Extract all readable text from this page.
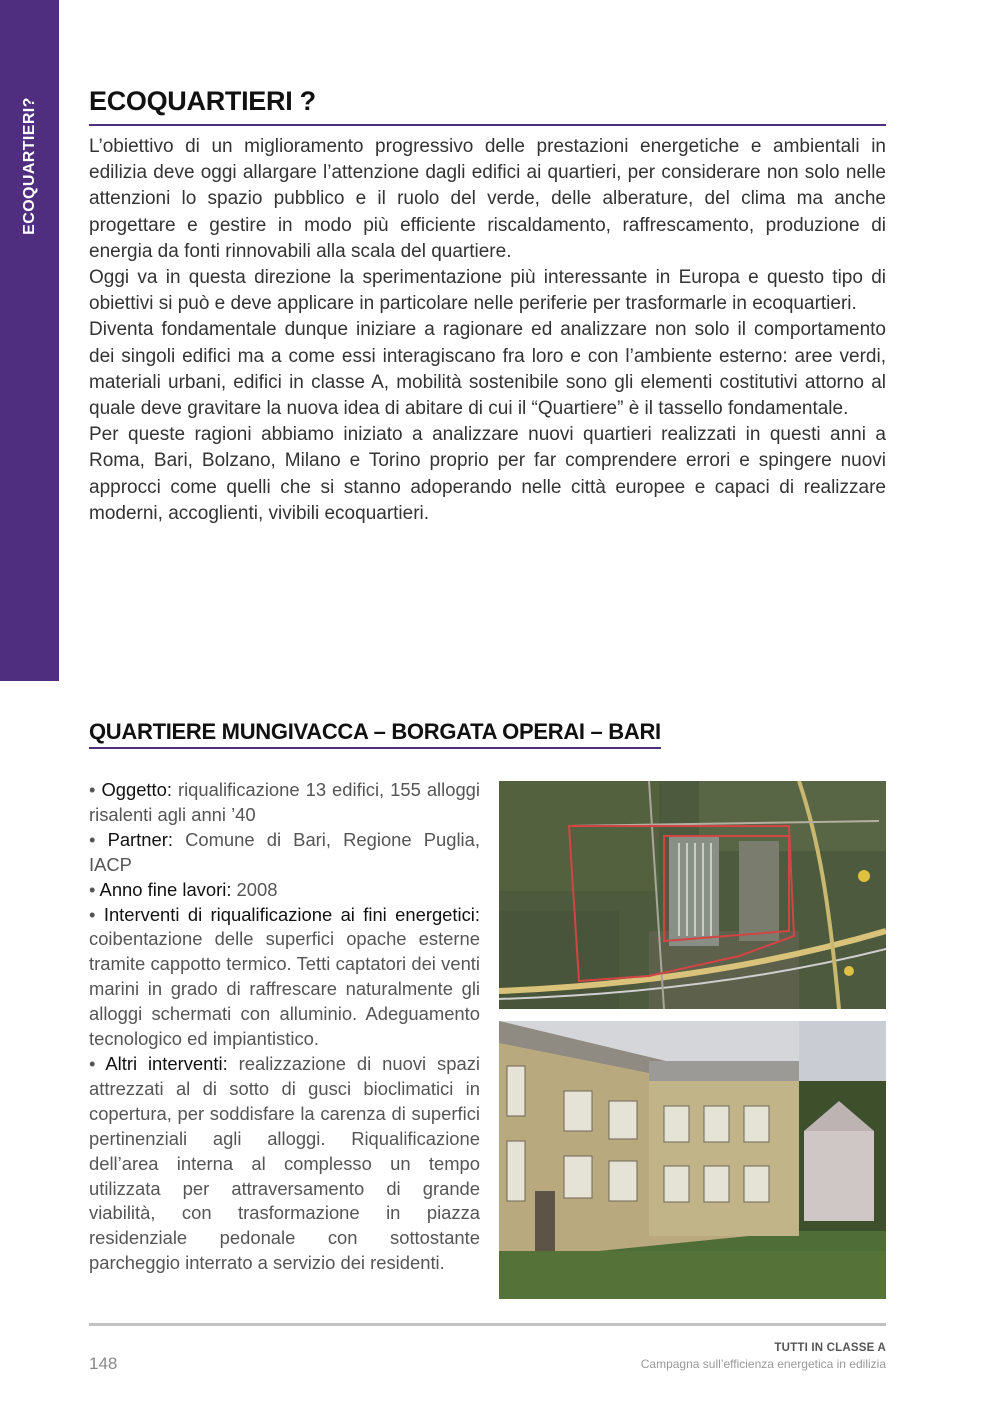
ECOQUARTIERI? ECOQUARTIERI ?

L’obiettivo di un miglioramento progressivo delle prestazioni energetiche e ambientali in edilizia deve oggi allargare l’attenzione dagli edifici ai quartieri, per considerare non solo nelle attenzioni lo spazio pubblico e il ruolo del verde, delle alberature, del clima ma anche progettare e gestire in modo più efficiente riscaldamento, raffrescamento, produzione di energia da fonti rinnovabili alla scala del quartiere.

Oggi va in questa direzione la sperimentazione più interessante in Europa e questo tipo di obiettivi si può e deve applicare in particolare nelle periferie per trasformarle in ecoquartieri.

Diventa fondamentale dunque iniziare a ragionare ed analizzare non solo il comportamento dei singoli edifici ma a come essi interagiscano fra loro e con l’ambiente esterno: aree verdi, materiali urbani, edifici in classe A, mobilità sostenibile sono gli elementi costitutivi attorno al quale deve gravitare la nuova idea di abitare di cui il “Quartiere” è il tassello fondamentale.

Per queste ragioni abbiamo iniziato a analizzare nuovi quartieri realizzati in questi anni a Roma, Bari, Bolzano, Milano e Torino proprio per far comprendere errori e spingere nuovi approcci come quelli che si stanno adoperando nelle città europee e capaci di realizzare moderni, accoglienti, vivibili ecoquartieri.

QUARTIERE MUNGIVACCA – BORGATA OPERAI – BARI

• Oggetto: riqualificazione 13 edifici, 155 alloggi risalenti agli anni ’40

• Partner: Comune di Bari, Regione Puglia, IACP

• Anno fine lavori: 2008

• Interventi di riqualificazione ai fini energetici: coibentazione delle superfici opache esterne tramite cappotto termico. Tetti captatori dei venti marini in grado di raffrescare naturalmente gli alloggi schermati con alluminio. Adeguamento tecnologico ed impiantistico.

• Altri interventi: realizzazione di nuovi spazi attrezzati al di sotto di gusci bioclimatici in copertura, per soddisfare la carenza di superfici pertinenziali agli alloggi. Riqualificazione dell’area interna al complesso un tempo utilizzata per attraversamento di grande viabilità, con trasformazione in piazza residenziale pedonale con sottostante parcheggio interrato a servizio dei residenti.

148
TUTTI IN CLASSE A
Campagna sull’efficienza energetica in edilizia
